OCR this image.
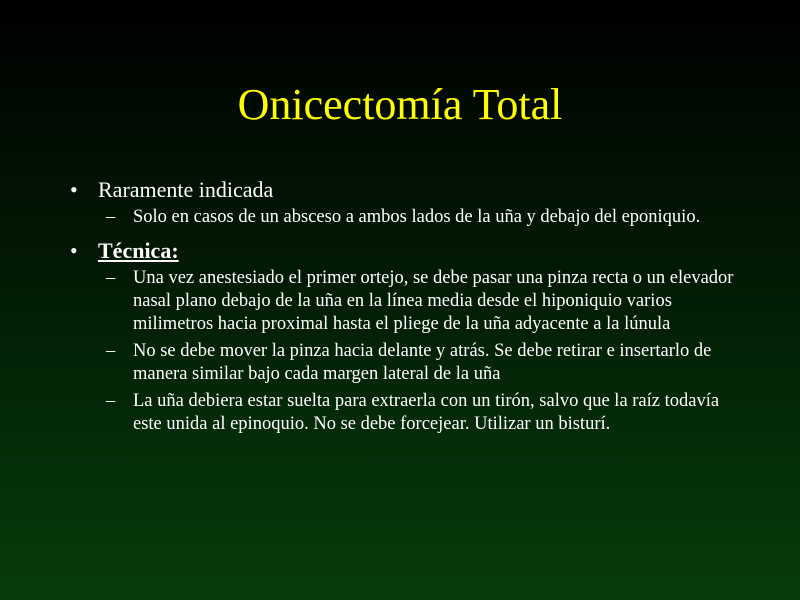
Onicectomía Total
• Raramente indicada
– Solo en casos de un absceso a ambos lados de la uña y debajo del eponiquio.
• Técnica:
– Una vez anestesiado el primer ortejo, se debe pasar una pinza recta o un elevador nasal plano debajo de la uña en la línea media desde el hiponiquio varios milimetros hacia proximal hasta el pliege de la uña adyacente a la lúnula
– No se debe mover la pinza hacia delante y atrás. Se debe retirar e insertarlo de manera similar bajo cada margen lateral de la uña
– La uña debiera estar suelta para extraerla con un tirón, salvo que la raíz todavía este unida al epinoquio. No se debe forcejear. Utilizar un bisturí.
